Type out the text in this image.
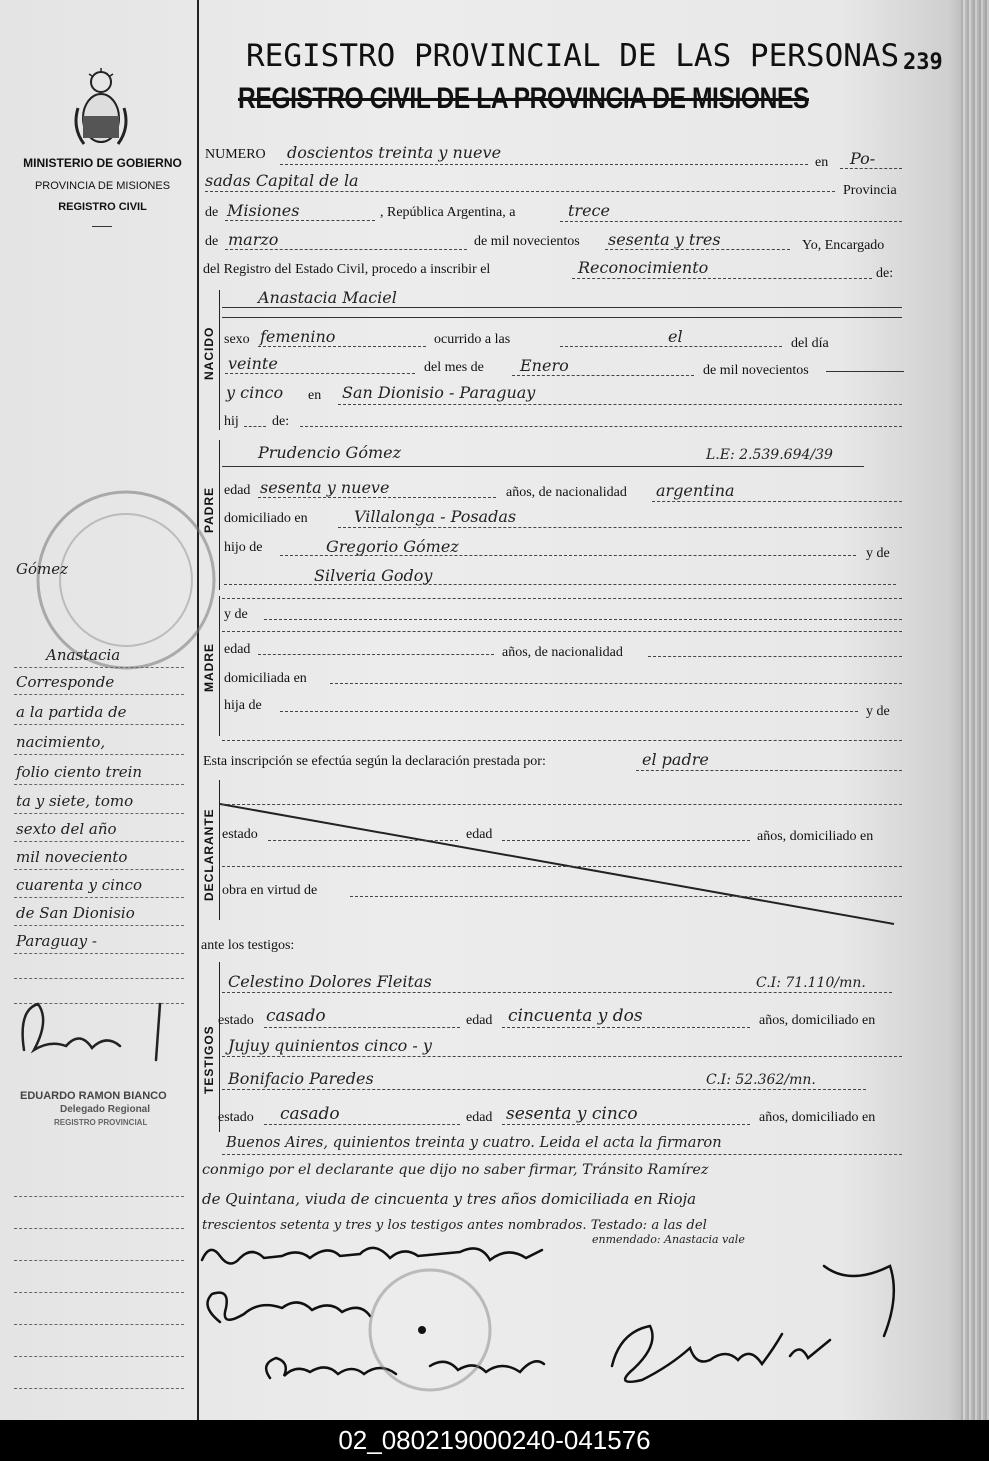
MINISTERIO DE GOBIERNO
PROVINCIA DE MISIONES
REGISTRO CIVIL
REGISTRO PROVINCIAL DE LAS PERSONAS 239
REGISTRO CIVIL DE LA PROVINCIA DE MISIONES
NUMERO doscientos treinta y nueve
en Po-
sadas Capital de la
Provincia
de Misiones	, República Argentina, a	trece
de marzo	de mil novecientos sesenta y tres	Yo, Encargado
del Registro del Estado Civil, procedo a inscribir el	Reconocimiento	de:
NACIDO
Anastacia Maciel
sexo femenino	ocurrido a las	el	del día
veinte	del mes de Enero	de mil novecientos
y cinco en San Dionisio - Paraguay
hij de:
PADRE
Prudencio Gómez	L.E: 2.539.694/39
edad sesenta y nueve	años, de nacionalidad argentina
domiciliado en	Villalonga - Posadas
hijo de	Gregorio Gómez	y de
Silveria Godoy
MADRE
y de
edad	años, de nacionalidad
domiciliada en
hija de	y de
Esta inscripción se efectúa según la declaración prestada por:	el padre
DECLARANTE estado	edad	años, domiciliado en
obra en virtud de
ante los testigos:
TESTIGOS
Celestino Dolores Fleitas	C.I: 71.110/mn.
estado casado	edad cincuenta y dos	años, domiciliado en
Jujuy quinientos cinco - y
Bonifacio Paredes	C.I: 52.362/mn.
estado casado	edad sesenta y cinco	años, domiciliado en
Buenos Aires, quinientos treinta y cuatro. Leida el acta la firmaron
conmigo por el declarante que dijo no saber firmar, Tránsito Ramírez
de Quintana, viuda de cincuenta y tres años domiciliada en Rioja
trescientos setenta y tres y los testigos antes nombrados. Testado: a las del
enmendado: Anastacia vale
Gómez
Anastacia
Corresponde
a la partida de
nacimiento,
folio ciento trein
ta y siete, tomo
sexto del año
mil noveciento
cuarenta y cinco
de San Dionisio
Paraguay -
EDUARDO RAMON BIANCO
Delegado Regional
REGISTRO PROVINCIAL
02_080219000240-041576
